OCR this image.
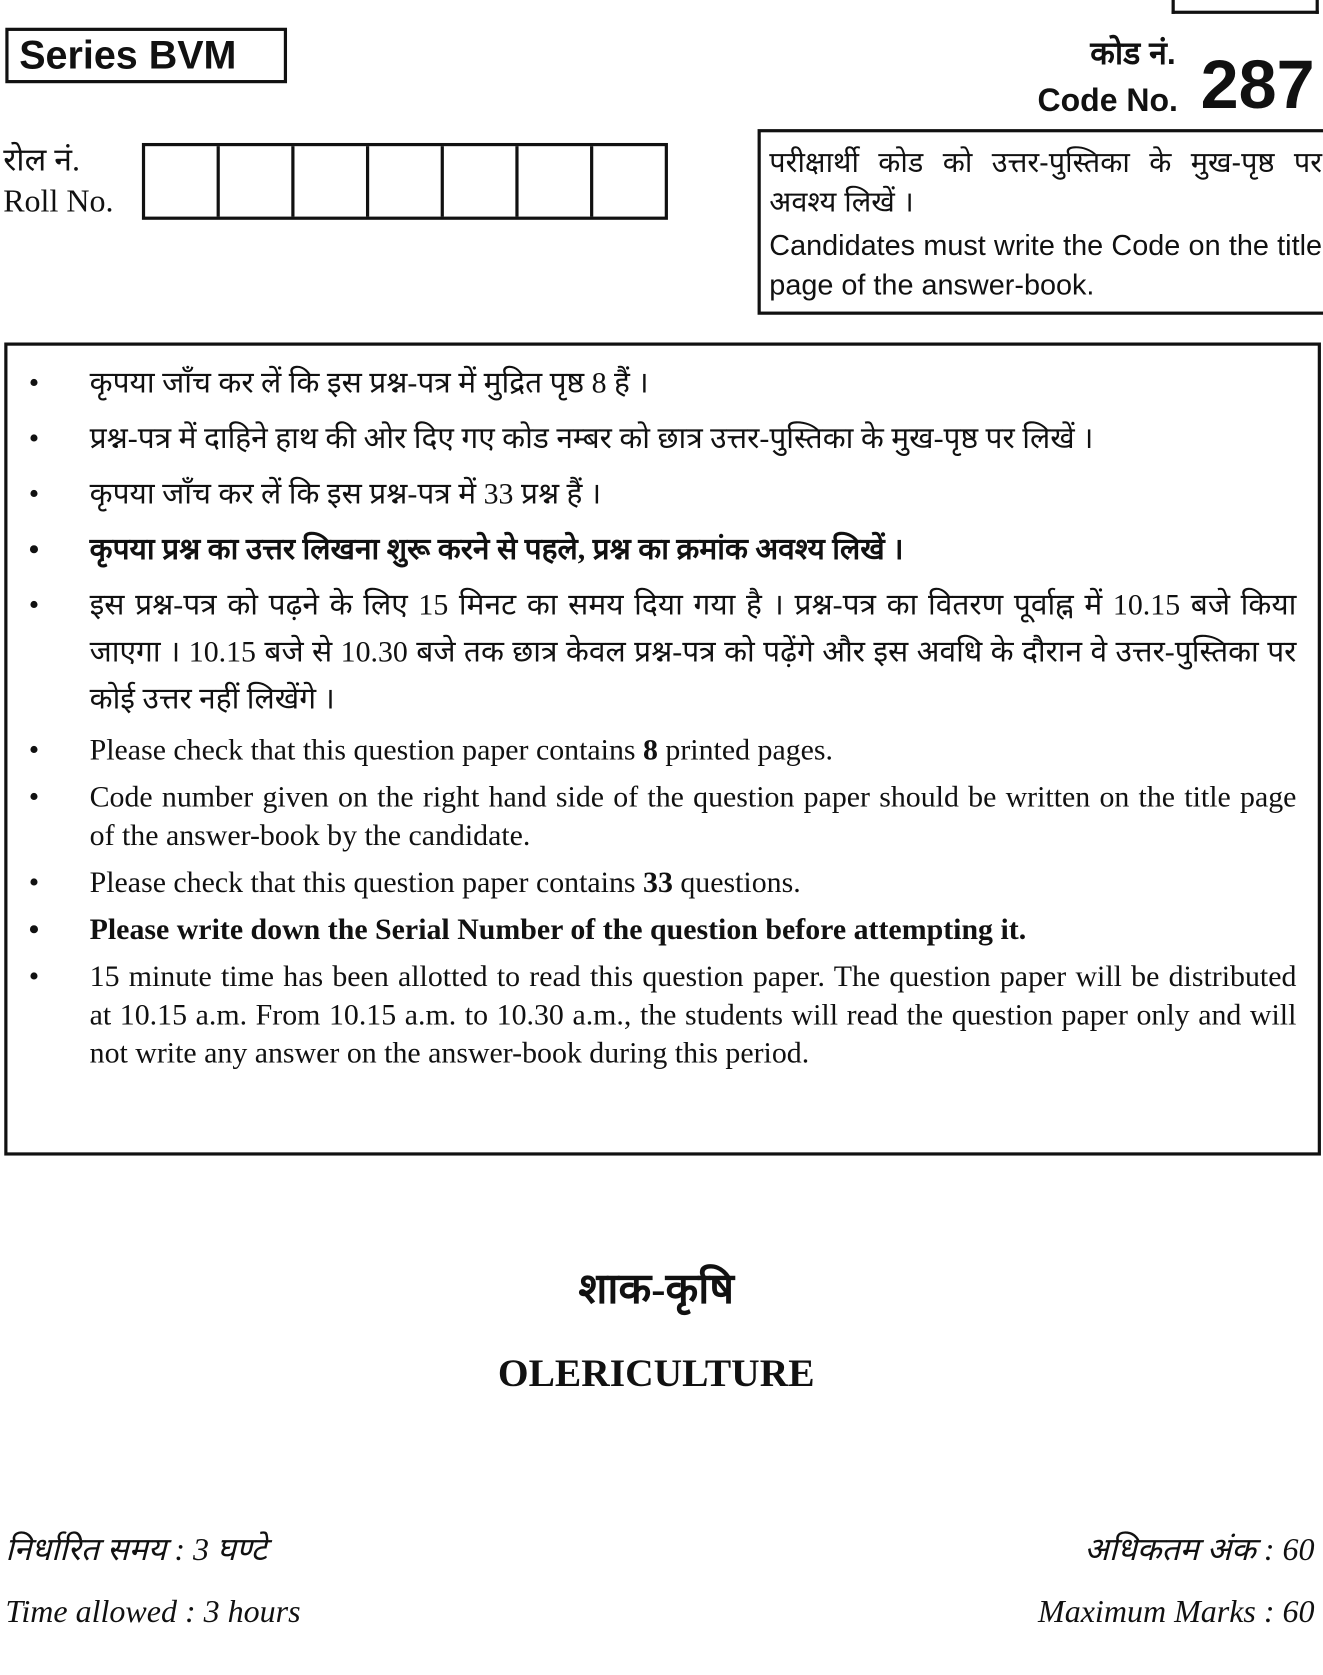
Series BVM	कोड नं.
Code No. 287
रोल नं.
Roll No.
परीक्षार्थी कोड को उत्तर-पुस्तिका के मुख-पृष्ठ पर
अवश्य लिखें ।
Candidates must write the Code on the title page of the answer-book.
• कृपया जाँच कर लें कि इस प्रश्न-पत्र में मुद्रित पृष्ठ 8 हैं ।
• प्रश्न-पत्र में दाहिने हाथ की ओर दिए गए कोड नम्बर को छात्र उत्तर-पुस्तिका के मुख-पृष्ठ पर लिखें ।
• कृपया जाँच कर लें कि इस प्रश्न-पत्र में 33 प्रश्न हैं ।
• कृपया प्रश्न का उत्तर लिखना शुरू करने से पहले, प्रश्न का क्रमांक अवश्य लिखें ।
• इस प्रश्न-पत्र को पढ़ने के लिए 15 मिनट का समय दिया गया है । प्रश्न-पत्र का वितरण पूर्वाह्न में 10.15 बजे किया जाएगा । 10.15 बजे से 10.30 बजे तक छात्र केवल प्रश्न-पत्र को पढ़ेंगे और इस अवधि के दौरान वे उत्तर-पुस्तिका पर कोई उत्तर नहीं लिखेंगे ।
• Please check that this question paper contains 8 printed pages.
• Code number given on the right hand side of the question paper should be written on the title page of the answer-book by the candidate.
• Please check that this question paper contains 33 questions.
• Please write down the Serial Number of the question before attempting it.
• 15 minute time has been allotted to read this question paper. The question paper will be distributed at 10.15 a.m. From 10.15 a.m. to 10.30 a.m., the students will read the question paper only and will not write any answer on the answer-book during this period.
शाक-कृषि
OLERICULTURE
निर्धारित समय : 3 घण्टे
Time allowed : 3 hours
अधिकतम अंक : 60
Maximum Marks : 60
